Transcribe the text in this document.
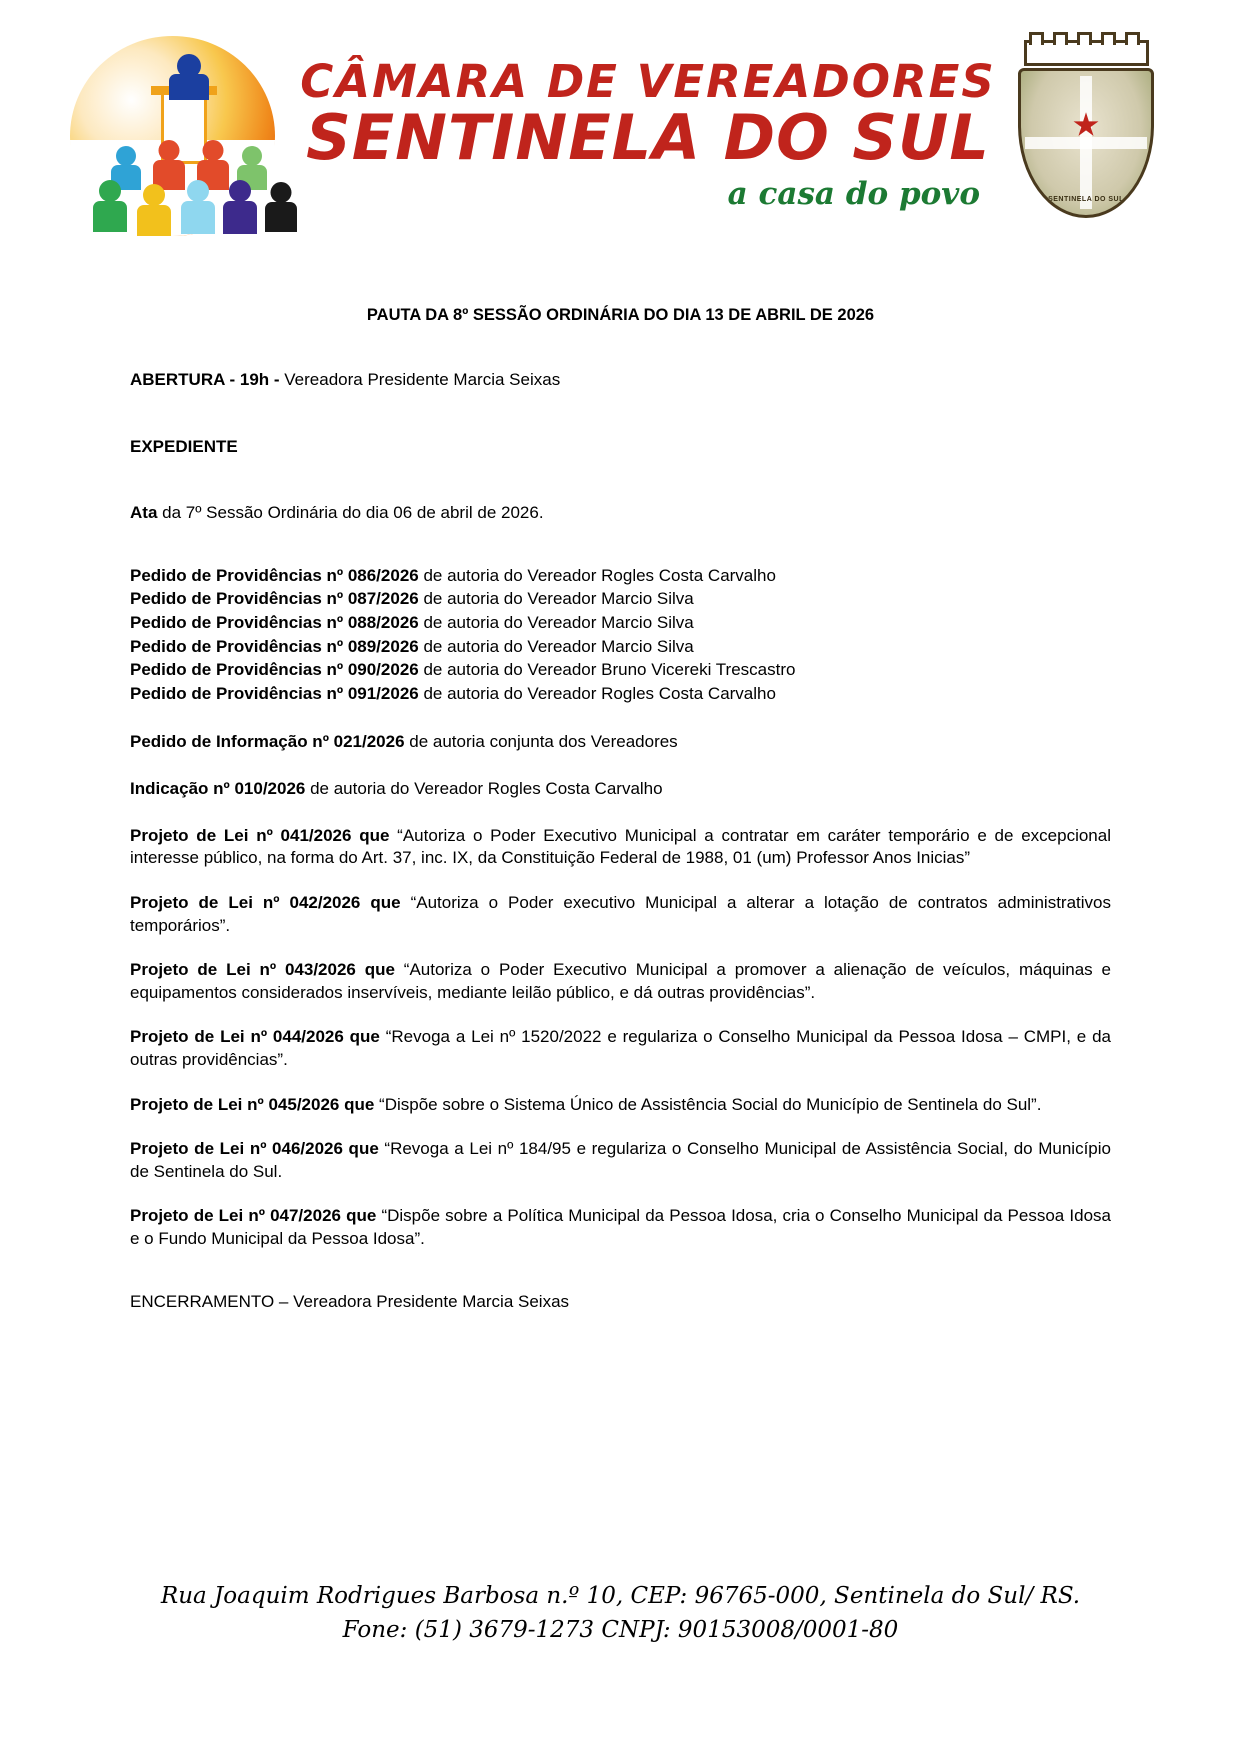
CÂMARA DE VEREADORES
SENTINELA DO SUL
a casa do povo	SENTINELA DO SUL
PAUTA DA 8º SESSÃO ORDINÁRIA DO DIA 13 DE ABRIL DE 2026
ABERTURA - 19h - Vereadora Presidente Marcia Seixas
EXPEDIENTE
Ata da 7º Sessão Ordinária do dia 06 de abril de 2026.
Pedido de Providências nº 086/2026 de autoria do Vereador Rogles Costa Carvalho
Pedido de Providências nº 087/2026 de autoria do Vereador Marcio Silva
Pedido de Providências nº 088/2026 de autoria do Vereador Marcio Silva
Pedido de Providências nº 089/2026 de autoria do Vereador Marcio Silva
Pedido de Providências nº 090/2026 de autoria do Vereador Bruno Vicereki Trescastro
Pedido de Providências nº 091/2026 de autoria do Vereador Rogles Costa Carvalho
Pedido de Informação nº 021/2026 de autoria conjunta dos Vereadores
Indicação nº 010/2026 de autoria do Vereador Rogles Costa Carvalho
Projeto de Lei nº 041/2026 que “Autoriza o Poder Executivo Municipal a contratar em caráter temporário e de excepcional interesse público, na forma do Art. 37, inc. IX, da Constituição Federal de 1988, 01 (um) Professor Anos Inicias”
Projeto de Lei nº 042/2026 que “Autoriza o Poder executivo Municipal a alterar a lotação de contratos administrativos temporários”.
Projeto de Lei nº 043/2026 que “Autoriza o Poder Executivo Municipal a promover a alienação de veículos, máquinas e equipamentos considerados inservíveis, mediante leilão público, e dá outras providências”.
Projeto de Lei nº 044/2026 que “Revoga a Lei nº 1520/2022 e regulariza o Conselho Municipal da Pessoa Idosa – CMPI, e da outras providências”.
Projeto de Lei nº 045/2026 que “Dispõe sobre o Sistema Único de Assistência Social do Município de Sentinela do Sul”.
Projeto de Lei nº 046/2026 que “Revoga a Lei nº 184/95 e regulariza o Conselho Municipal de Assistência Social, do Município de Sentinela do Sul.
Projeto de Lei nº 047/2026 que “Dispõe sobre a Política Municipal da Pessoa Idosa, cria o Conselho Municipal da Pessoa Idosa e o Fundo Municipal da Pessoa Idosa”.
ENCERRAMENTO – Vereadora Presidente Marcia Seixas
Rua Joaquim Rodrigues Barbosa n.º 10, CEP: 96765-000, Sentinela do Sul/ RS.
Fone: (51) 3679-1273 CNPJ: 90153008/0001-80
